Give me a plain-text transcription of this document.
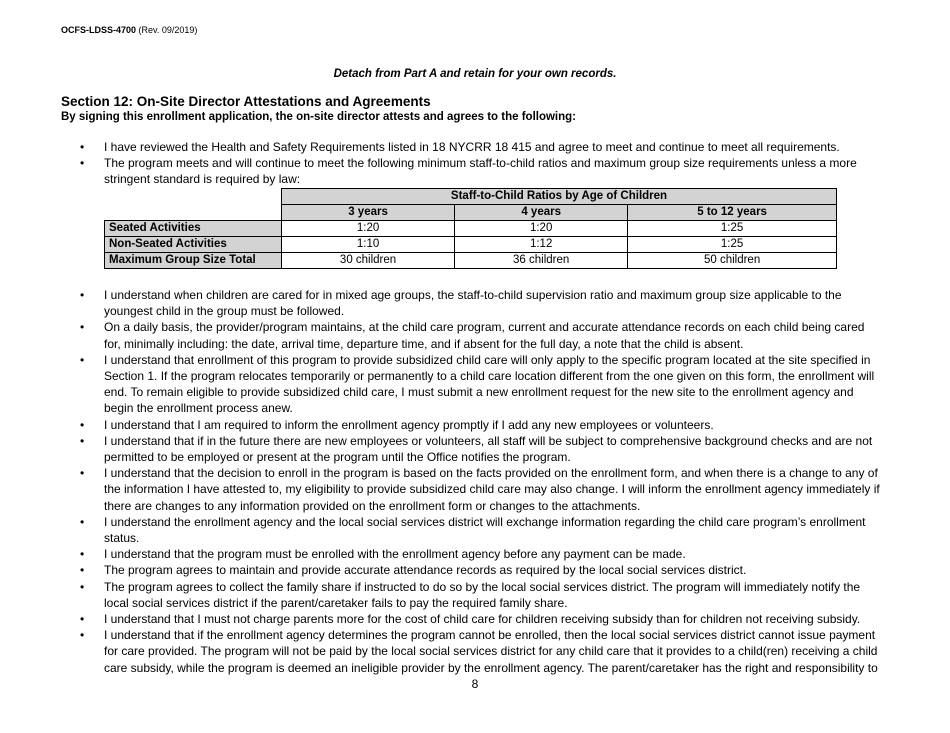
OCFS-LDSS-4700 (Rev. 09/2019)
Detach from Part A and retain for your own records.
Section 12: On-Site Director Attestations and Agreements
By signing this enrollment application, the on-site director attests and agrees to the following:
• I have reviewed the Health and Safety Requirements listed in 18 NYCRR 18 415 and agree to meet and continue to meet all requirements.
• The program meets and will continue to meet the following minimum staff-to-child ratios and maximum group size requirements unless a more stringent standard is required by law:
	Staff-to-Child Ratios by Age of Children		
	3 years	4 years	5 to 12 years
Seated Activities	1:20	1:20	1:25
Non-Seated Activities	1:10	1:12	1:25
Maximum Group Size Total	30 children	36 children	50 children
• I understand when children are cared for in mixed age groups, the staff-to-child supervision ratio and maximum group size applicable to the youngest child in the group must be followed.
• On a daily basis, the provider/program maintains, at the child care program, current and accurate attendance records on each child being cared for, minimally including: the date, arrival time, departure time, and if absent for the full day, a note that the child is absent.
• I understand that enrollment of this program to provide subsidized child care will only apply to the specific program located at the site specified in Section 1. If the program relocates temporarily or permanently to a child care location different from the one given on this form, the enrollment will end. To remain eligible to provide subsidized child care, I must submit a new enrollment request for the new site to the enrollment agency and begin the enrollment process anew.
• I understand that I am required to inform the enrollment agency promptly if I add any new employees or volunteers.
• I understand that if in the future there are new employees or volunteers, all staff will be subject to comprehensive background checks and are not permitted to be employed or present at the program until the Office notifies the program.
• I understand that the decision to enroll in the program is based on the facts provided on the enrollment form, and when there is a change to any of the information I have attested to, my eligibility to provide subsidized child care may also change. I will inform the enrollment agency immediately if there are changes to any information provided on the enrollment form or changes to the attachments.
• I understand the enrollment agency and the local social services district will exchange information regarding the child care program’s enrollment status.
• I understand that the program must be enrolled with the enrollment agency before any payment can be made.
• The program agrees to maintain and provide accurate attendance records as required by the local social services district.
• The program agrees to collect the family share if instructed to do so by the local social services district. The program will immediately notify the local social services district if the parent/caretaker fails to pay the required family share.
• I understand that I must not charge parents more for the cost of child care for children receiving subsidy than for children not receiving subsidy.
• I understand that if the enrollment agency determines the program cannot be enrolled, then the local social services district cannot issue payment for care provided. The program will not be paid by the local social services district for any child care that it provides to a child(ren) receiving a child care subsidy, while the program is deemed an ineligible provider by the enrollment agency. The parent/caretaker has the right and responsibility to
8
